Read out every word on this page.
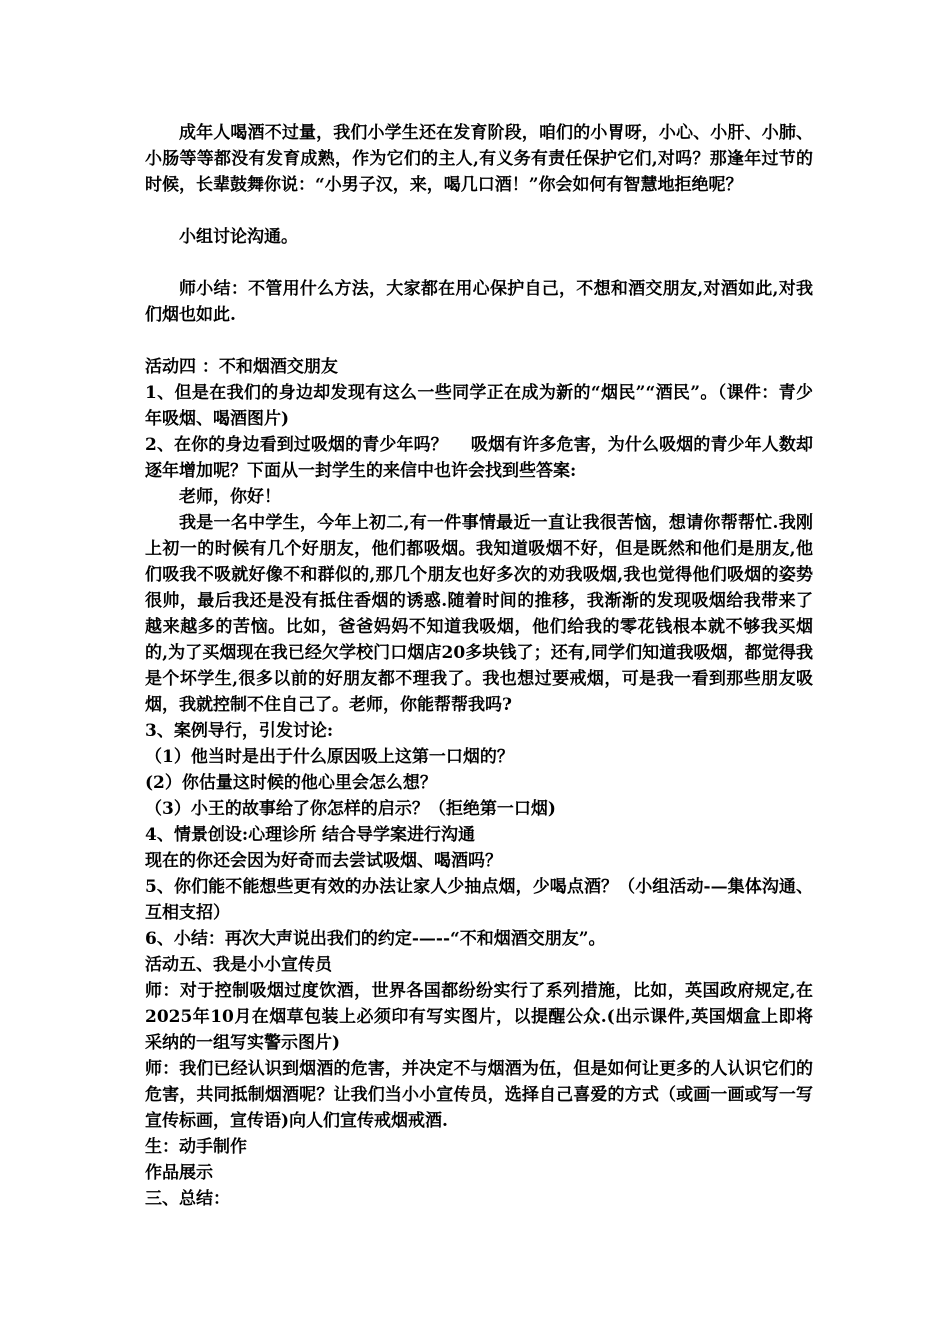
成年人喝酒不过量，我们小学生还在发育阶段，咱们的小胃呀，小心、小肝、小肺、小肠等等都没有发育成熟，作为它们的主人,有义务有责任保护它们,对吗？那逢年过节的时候，长辈鼓舞你说：“小男子汉，来，喝几口酒！”你会如何有智慧地拒绝呢？

小组讨论沟通。

师小结：不管用什么方法，大家都在用心保护自己，不想和酒交朋友,对酒如此,对我们烟也如此.

活动四 ：不和烟酒交朋友

1、但是在我们的身边却发现有这么一些同学正在成为新的“烟民”“酒民”。（课件：青少年吸烟、喝酒图片)

2、在你的身边看到过吸烟的青少年吗？　 吸烟有许多危害，为什么吸烟的青少年人数却逐年增加呢？下面从一封学生的来信中也许会找到些答案:

老师，你好！

我是一名中学生，今年上初二,有一件事情最近一直让我很苦恼，想请你帮帮忙.我刚上初一的时候有几个好朋友，他们都吸烟。我知道吸烟不好，但是既然和他们是朋友,他们吸我不吸就好像不和群似的,那几个朋友也好多次的劝我吸烟,我也觉得他们吸烟的姿势很帅，最后我还是没有抵住香烟的诱惑.随着时间的推移，我渐渐的发现吸烟给我带来了越来越多的苦恼。比如，爸爸妈妈不知道我吸烟，他们给我的零花钱根本就不够我买烟的,为了买烟现在我已经欠学校门口烟店20多块钱了；还有,同学们知道我吸烟，都觉得我是个坏学生,很多以前的好朋友都不理我了。我也想过要戒烟，可是我一看到那些朋友吸烟，我就控制不住自己了。老师，你能帮帮我吗?

3、案例导行，引发讨论:

（1）他当时是出于什么原因吸上这第一口烟的？

(2）你估量这时候的他心里会怎么想？

（3）小王的故事给了你怎样的启示？（拒绝第一口烟)

4、情景创设:心理诊所 结合导学案进行沟通

现在的你还会因为好奇而去尝试吸烟、喝酒吗？

5、你们能不能想些更有效的办法让家人少抽点烟，少喝点酒？（小组活动-—集体沟通、互相支招）

6、小结：再次大声说出我们的约定-—--“不和烟酒交朋友”。

活动五、我是小小宣传员

师：对于控制吸烟过度饮酒，世界各国都纷纷实行了系列措施，比如，英国政府规定,在2025年10月在烟草包装上必须印有写实图片，以提醒公众.(出示课件,英国烟盒上即将采纳的一组写实警示图片)

师：我们已经认识到烟酒的危害，并决定不与烟酒为伍，但是如何让更多的人认识它们的危害，共同抵制烟酒呢？让我们当小小宣传员，选择自己喜爱的方式（或画一画或写一写宣传标画，宣传语)向人们宣传戒烟戒酒.

生：动手制作

作品展示

三、总结：
